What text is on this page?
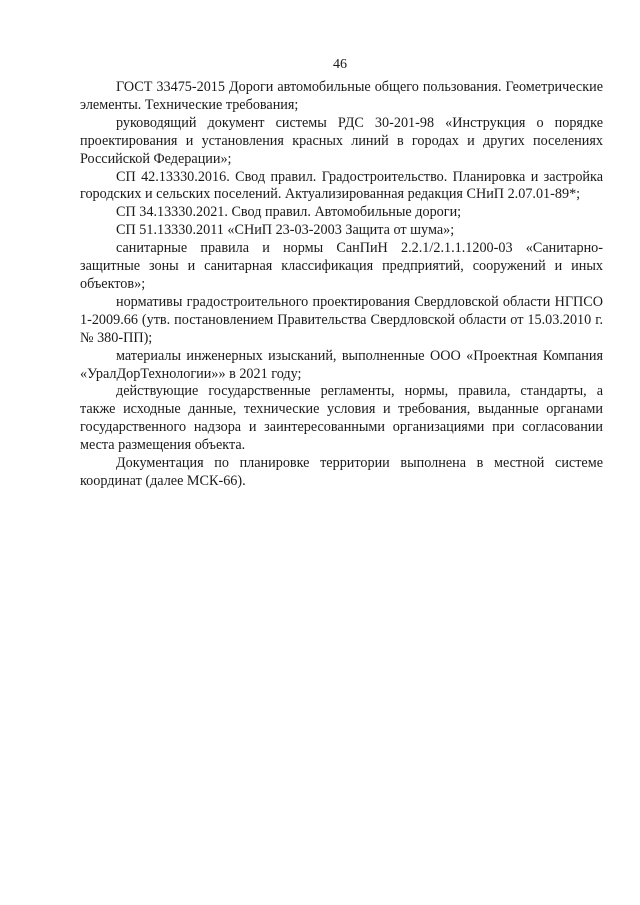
46

ГОСТ 33475-2015 Дороги автомобильные общего пользования. Геометрические элементы. Технические требования;

руководящий документ системы РДС 30-201-98 «Инструкция о порядке проектирования и установления красных линий в городах и других поселениях Российской Федерации»;

СП 42.13330.2016. Свод правил. Градостроительство. Планировка и застройка городских и сельских поселений. Актуализированная редакция СНиП 2.07.01-89*;

СП 34.13330.2021. Свод правил. Автомобильные дороги;

СП 51.13330.2011 «СНиП 23-03-2003 Защита от шума»;

санитарные правила и нормы СанПиН 2.2.1/2.1.1.1200-03 «Санитарно-защитные зоны и санитарная классификация предприятий, сооружений и иных объектов»;

нормативы градостроительного проектирования Свердловской области НГПСО 1-2009.66 (утв. постановлением Правительства Свердловской области от 15.03.2010 г. № 380-ПП);

материалы инженерных изысканий, выполненные ООО «Проектная Компания «УралДорТехнологии»» в 2021 году;

действующие государственные регламенты, нормы, правила, стандарты, а также исходные данные, технические условия и требования, выданные органами государственного надзора и заинтересованными организациями при согласовании места размещения объекта.

Документация по планировке территории выполнена в местной системе координат (далее МСК-66).
